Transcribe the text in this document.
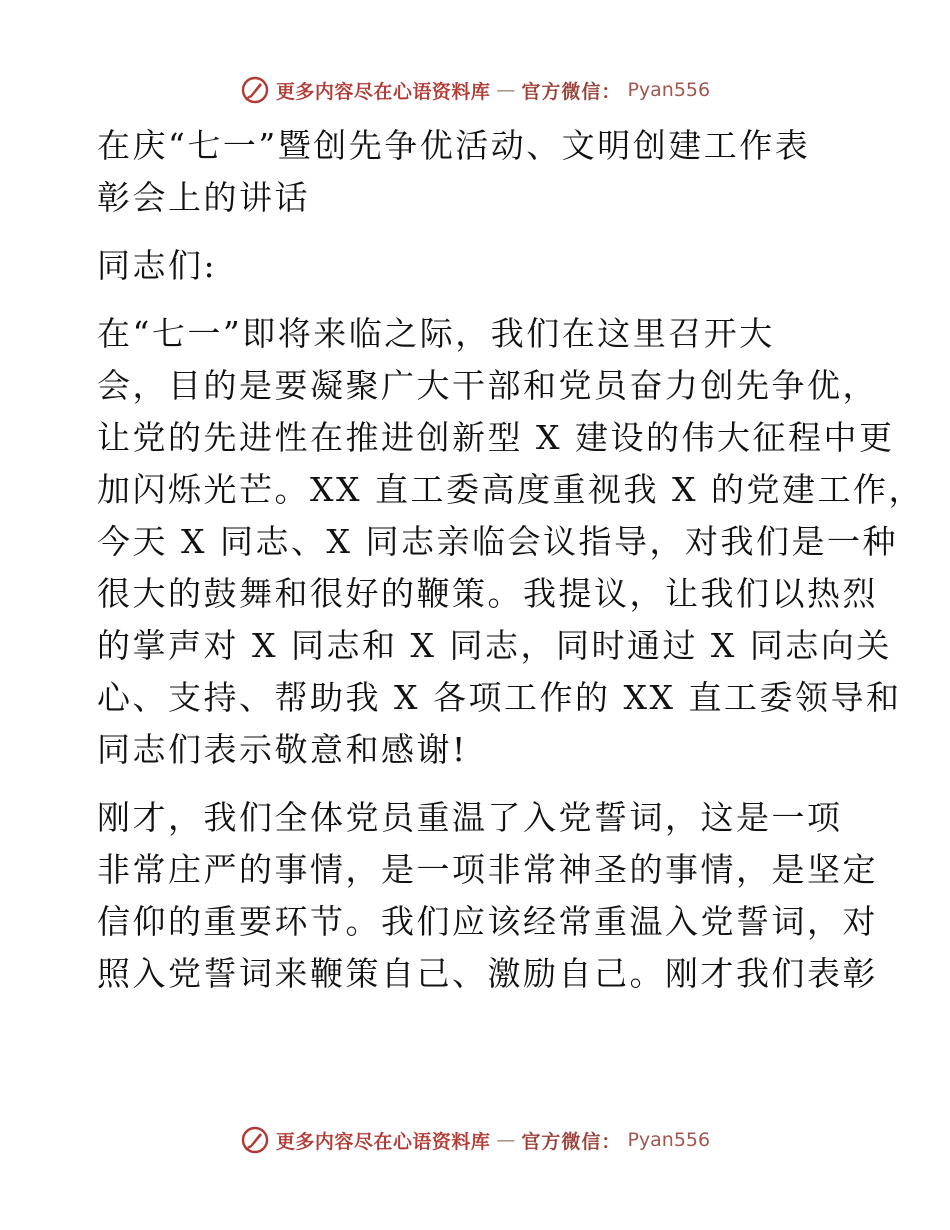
更多内容尽在心语资料库 — 官方微信： Pyan556

在庆“七一”暨创先争优活动、文明创建工作表

彰会上的讲话

同志们:

在“七一”即将来临之际，我们在这里召开大

会，目的是要凝聚广大干部和党员奋力创先争优，

让党的先进性在推进创新型 X 建设的伟大征程中更

加闪烁光芒。XX 直工委高度重视我 X 的党建工作，

今天 X 同志、X 同志亲临会议指导，对我们是一种

很大的鼓舞和很好的鞭策。我提议，让我们以热烈

的掌声对 X 同志和 X 同志，同时通过 X 同志向关

心、支持、帮助我 X 各项工作的 XX 直工委领导和

同志们表示敬意和感谢!

刚才，我们全体党员重温了入党誓词，这是一项

非常庄严的事情，是一项非常神圣的事情，是坚定

信仰的重要环节。我们应该经常重温入党誓词，对

照入党誓词来鞭策自己、激励自己。刚才我们表彰

更多内容尽在心语资料库 — 官方微信： Pyan556
